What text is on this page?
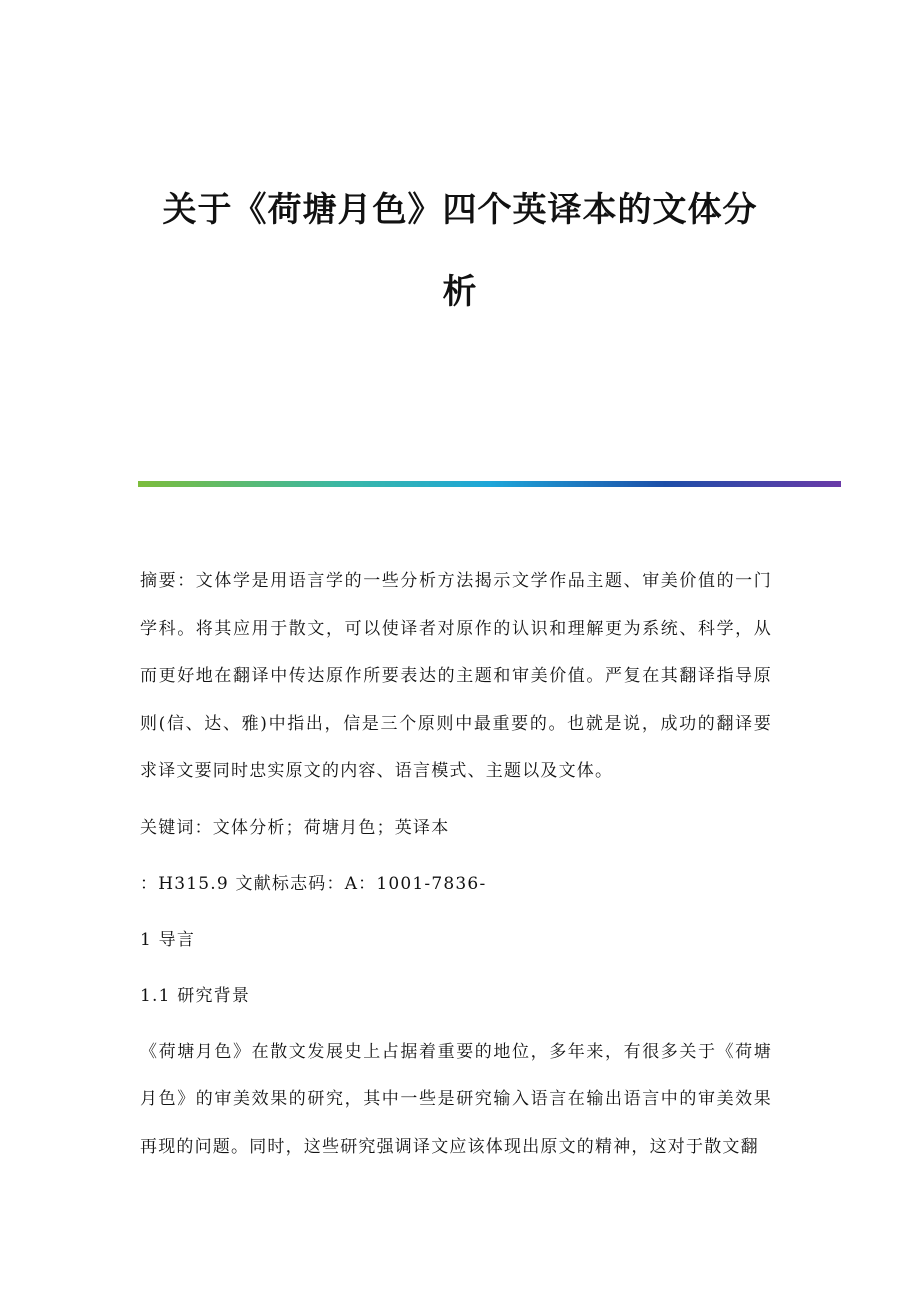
关于《荷塘月色》四个英译本的文体分
析

摘要：文体学是用语言学的一些分析方法揭示文学作品主题、审美价值的一门学科。将其应用于散文，可以使译者对原作的认识和理解更为系统、科学，从而更好地在翻译中传达原作所要表达的主题和审美价值。严复在其翻译指导原则(信、达、雅)中指出，信是三个原则中最重要的。也就是说，成功的翻译要求译文要同时忠实原文的内容、语言模式、主题以及文体。

关键词：文体分析；荷塘月色；英译本

：H315.9 文献标志码：A：1001-7836-

1 导言

1.1 研究背景

《荷塘月色》在散文发展史上占据着重要的地位，多年来，有很多关于《荷塘月色》的审美效果的研究，其中一些是研究输入语言在输出语言中的审美效果再现的问题。同时，这些研究强调译文应该体现出原文的精神，这对于散文翻
